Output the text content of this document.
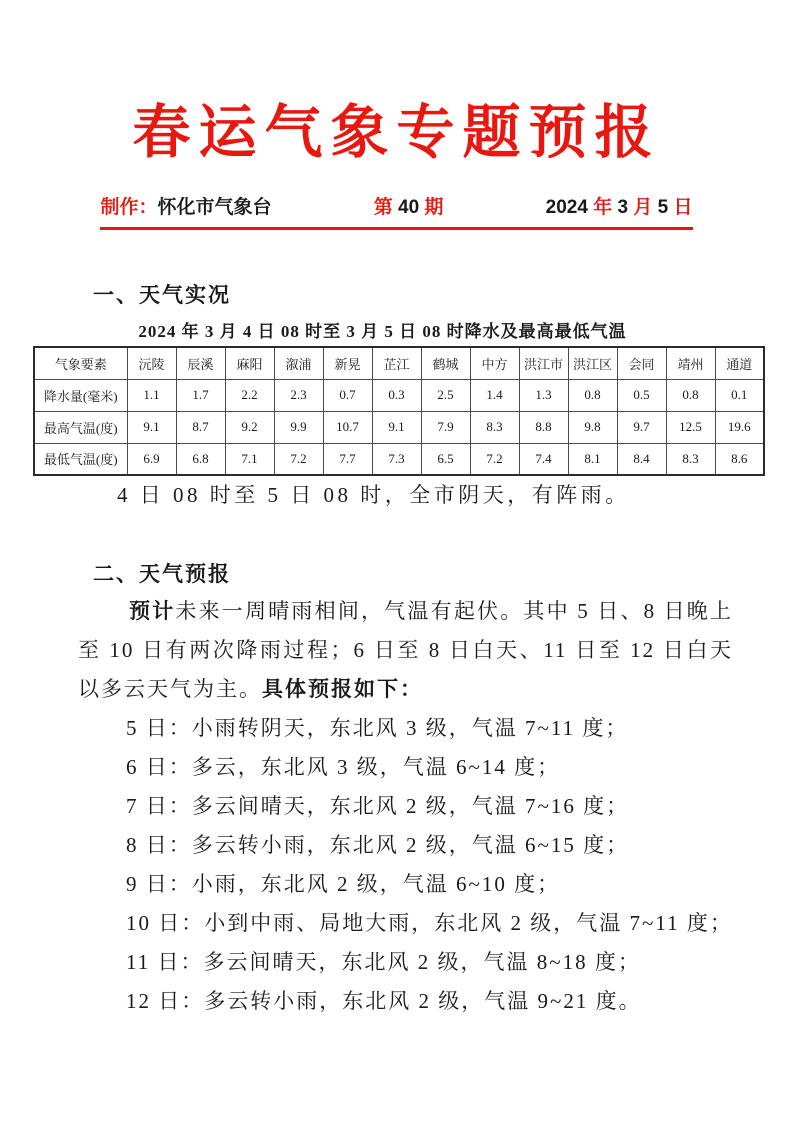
春运气象专题预报
制作：怀化市气象台	第 40 期	2024 年 3 月 5 日
一、天气实况
2024 年 3 月 4 日 08 时至 3 月 5 日 08 时降水及最高最低气温
气象要素	沅陵	辰溪	麻阳	溆浦	新晃	芷江	鹤城	中方	洪江市	洪江区	会同	靖州	通道
降水量(毫米)	1.1	1.7	2.2	2.3	0.7	0.3	2.5	1.4	1.3	0.8	0.5	0.8	0.1
最高气温(度)	9.1	8.7	9.2	9.9	10.7	9.1	7.9	8.3	8.8	9.8	9.7	12.5	19.6
最低气温(度)	6.9	6.8	7.1	7.2	7.7	7.3	6.5	7.2	7.4	8.1	8.4	8.3	8.6

4 日 08 时至 5 日 08 时，全市阴天，有阵雨。

二、天气预报

预计未来一周晴雨相间，气温有起伏。其中 5 日、8 日晚上至 10 日有两次降雨过程；6 日至 8 日白天、11 日至 12 日白天以多云天气为主。具体预报如下：

5 日：小雨转阴天，东北风 3 级，气温 7~11 度；

6 日：多云，东北风 3 级，气温 6~14 度；

7 日：多云间晴天，东北风 2 级，气温 7~16 度；

8 日：多云转小雨，东北风 2 级，气温 6~15 度；

9 日：小雨，东北风 2 级，气温 6~10 度；

10 日：小到中雨、局地大雨，东北风 2 级，气温 7~11 度；

11 日：多云间晴天，东北风 2 级，气温 8~18 度；

12 日：多云转小雨，东北风 2 级，气温 9~21 度。
